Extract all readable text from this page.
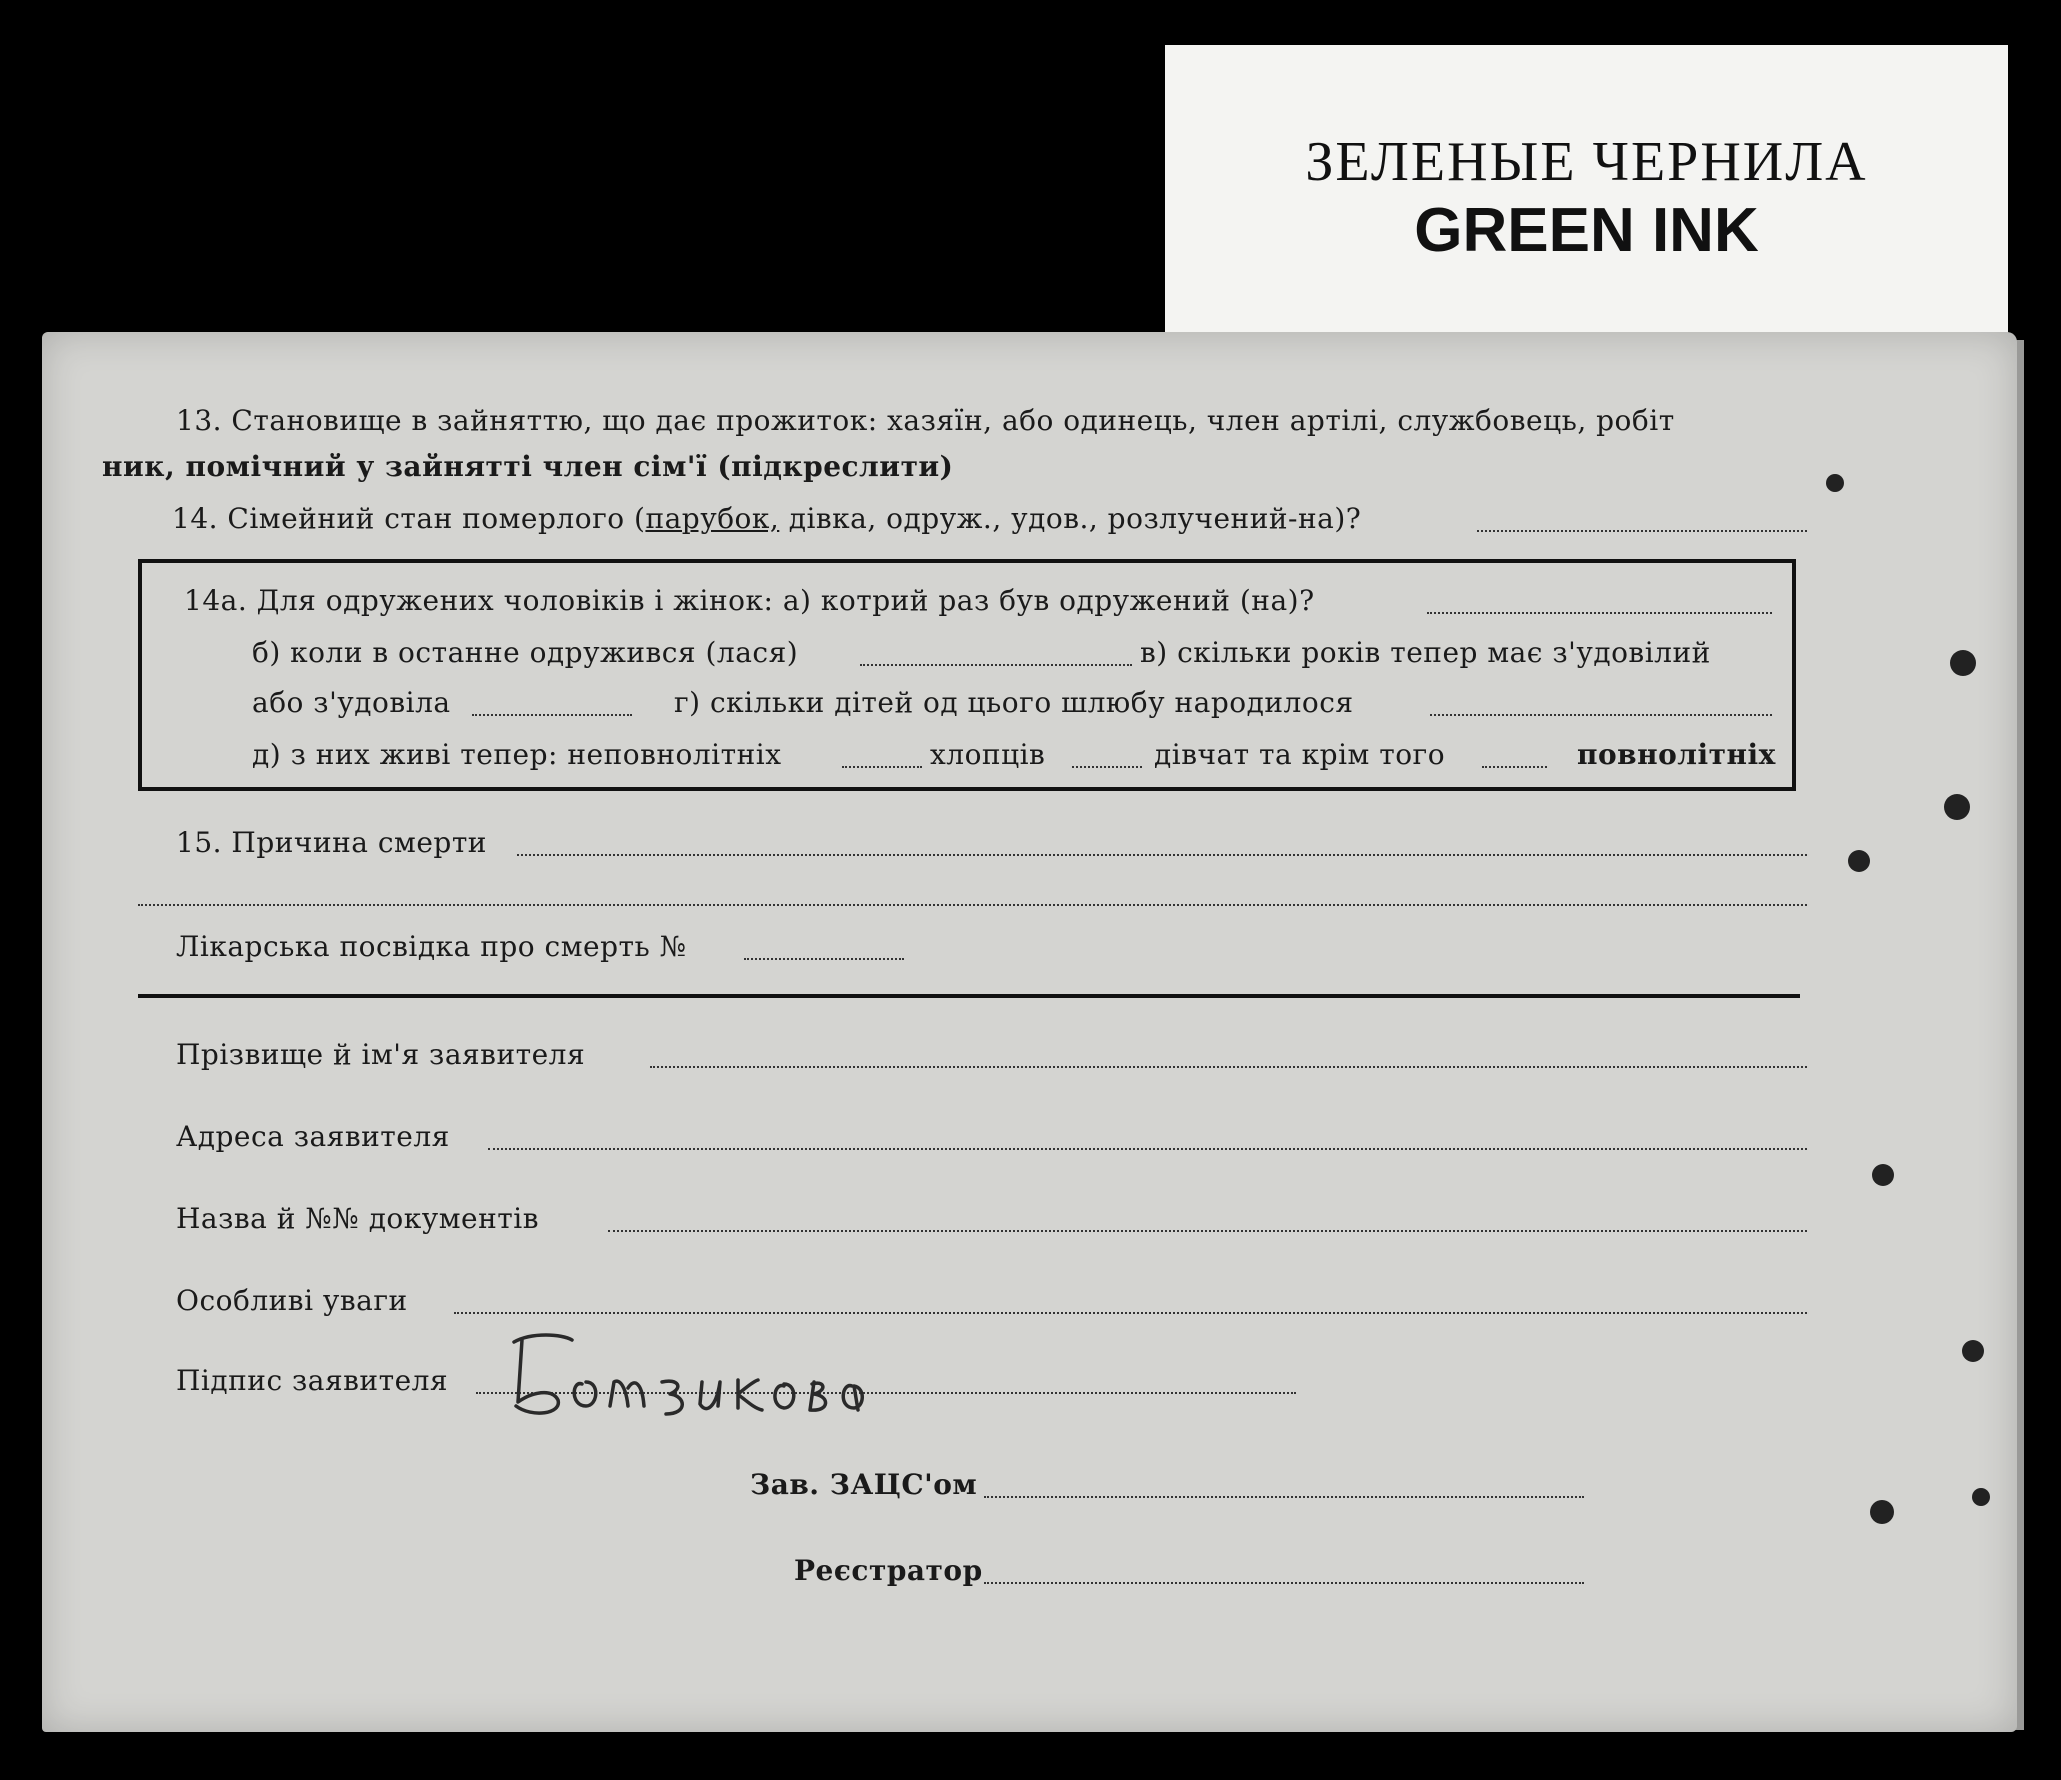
ЗЕЛЕНЫЕ ЧЕРНИЛА
GREEN INK
13. Становище в зайняттю, що дає прожиток: хазяїн, або одинець, член артілі, службовець, робіт
ник, помічний у зайнятті член сім'ї (підкреслити)
14. Сімейний стан померлого (парубок, дівка, одруж., удов., розлучений-на)?
14а. Для одружених чоловіків і жінок: а) котрий раз був одружений (на)?
б) коли в останне одружився (лася)	в) скільки років тепер має з'удовілий
або з'удовіла	г) скільки дітей од цього шлюбу народилося
д) з них живі тепер: неповнолітніх	хлопців	дівчат та крім того	повнолітніх
15. Причина смерти
Лікарська посвідка про смерть №
Прізвище й ім'я заявителя
Адреса заявителя
Назва й №№ документів
Особливі уваги
Підпис заявителя
Зав. ЗАЦС'ом
Реєстратор
